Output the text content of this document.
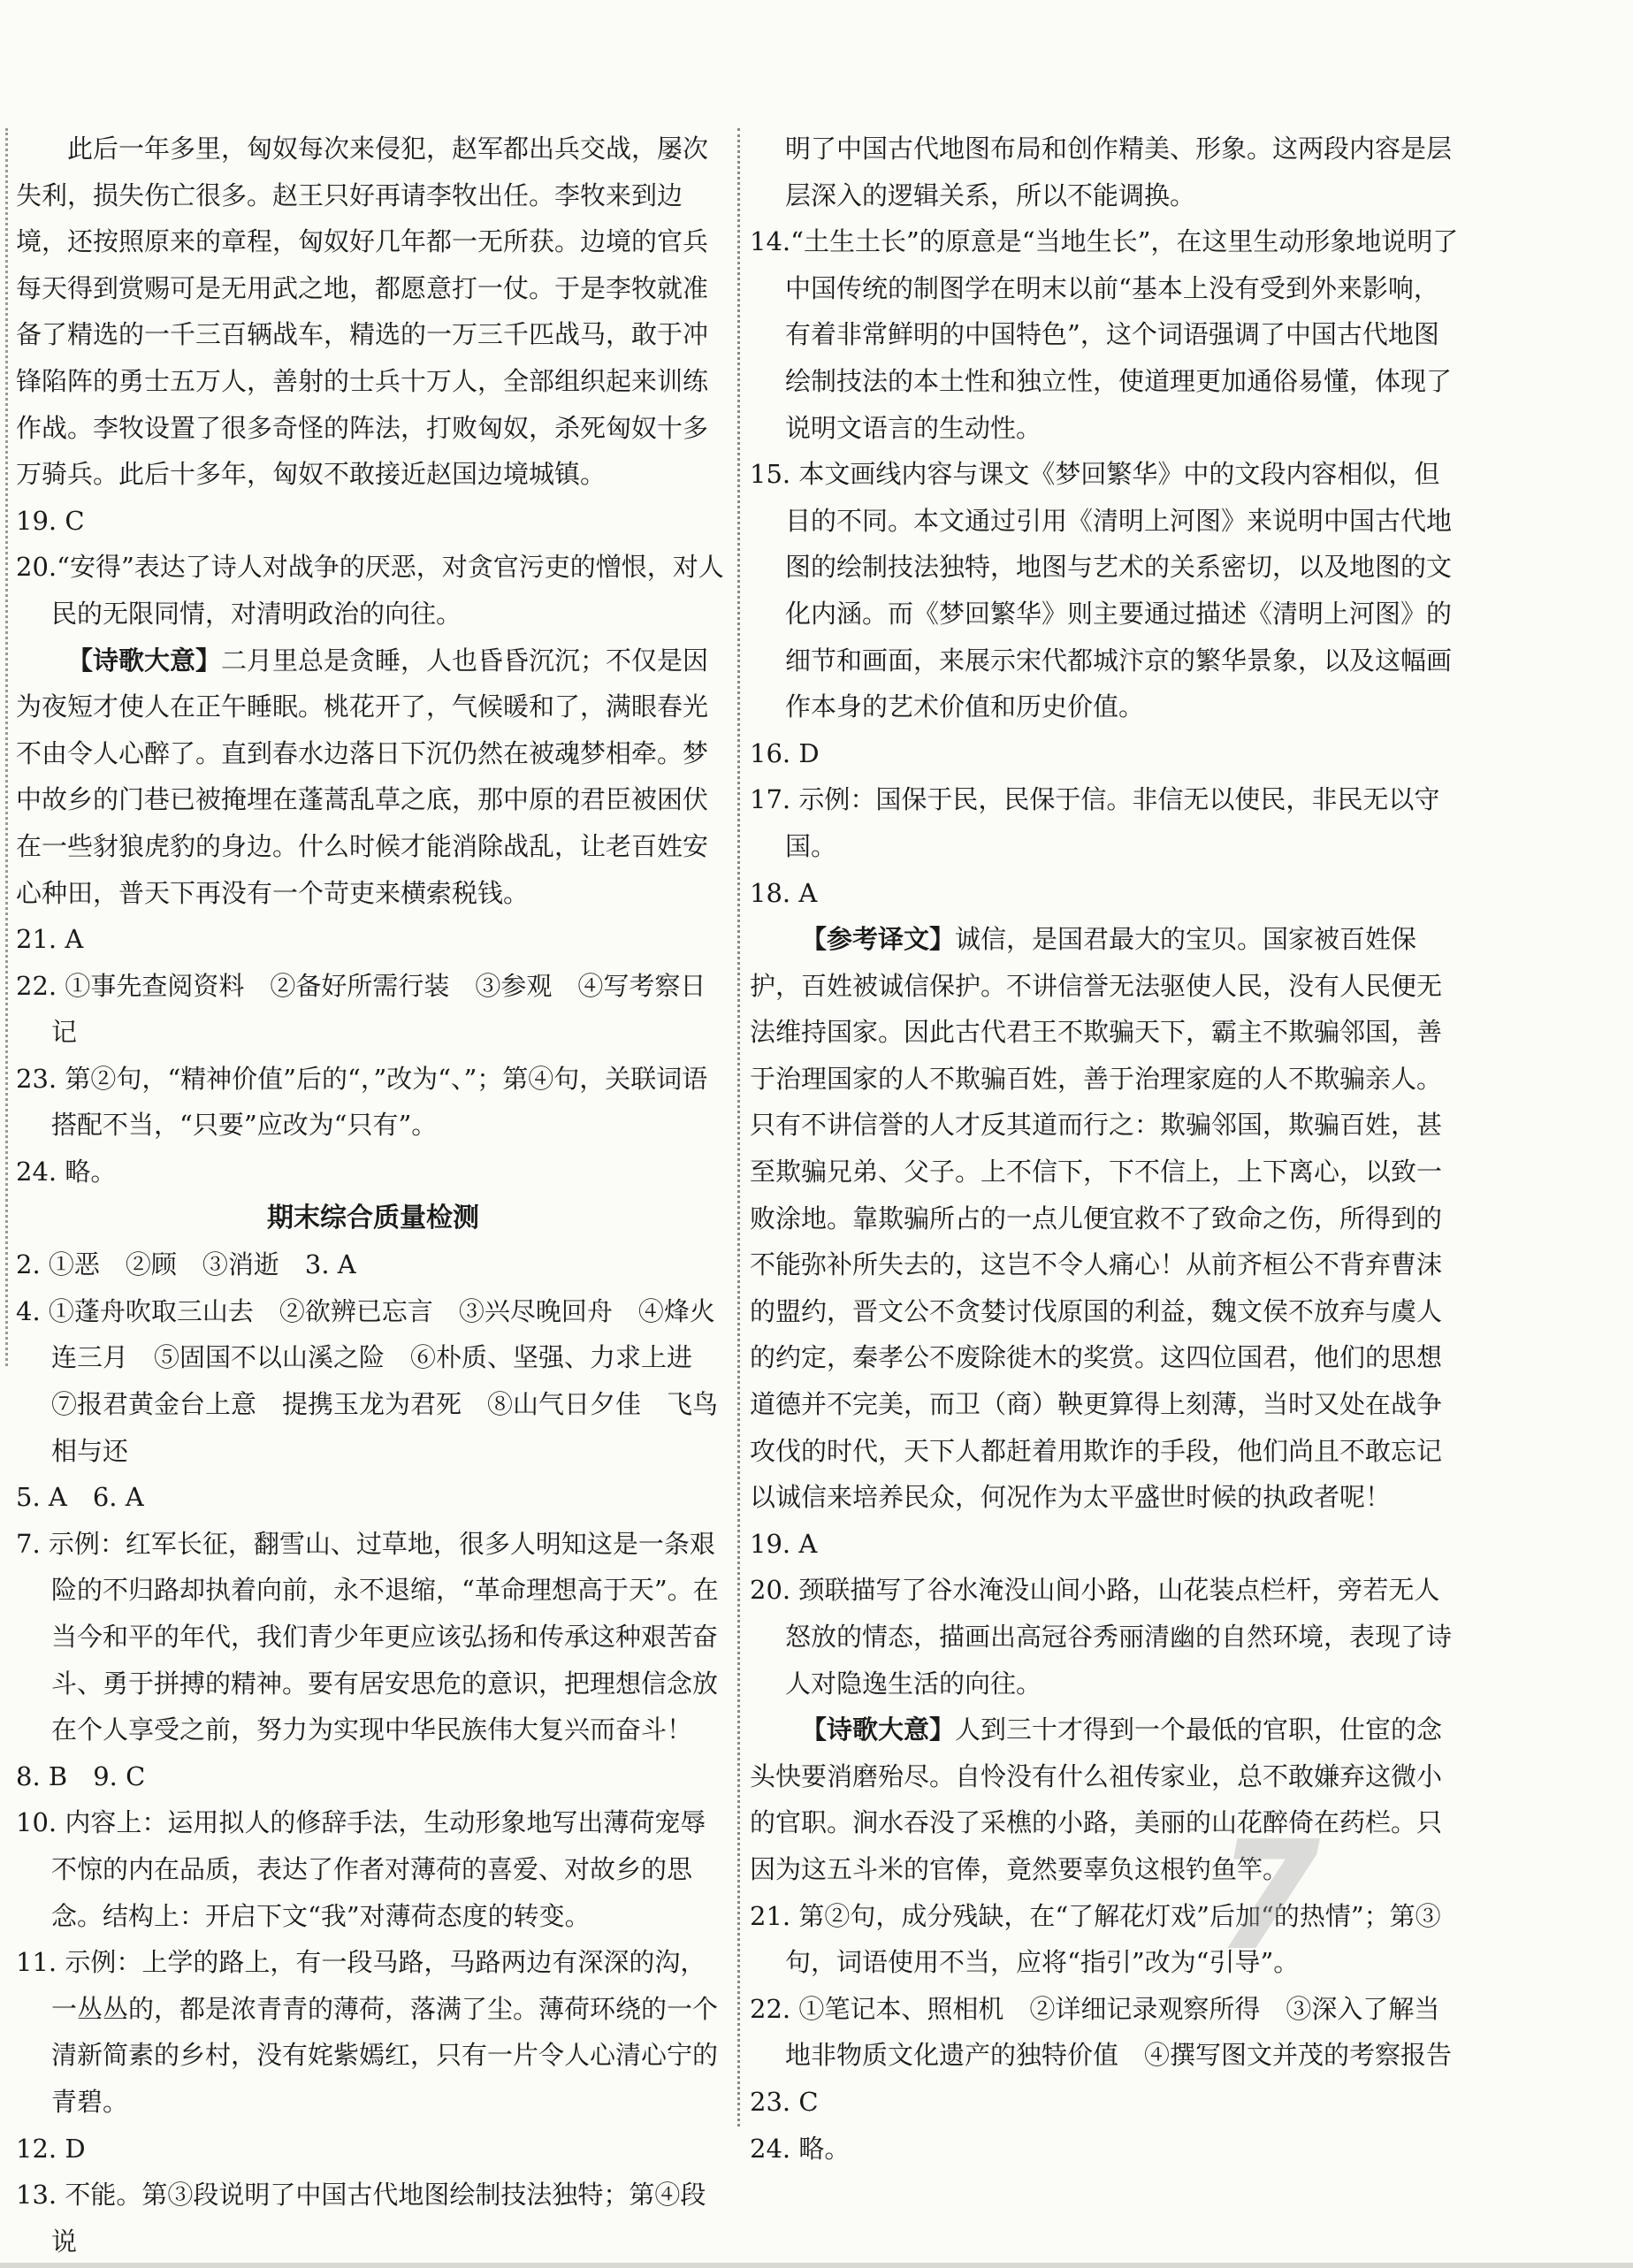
此后一年多里，匈奴每次来侵犯，赵军都出兵交战，屡次失利，损失伤亡很多。赵王只好再请李牧出任。李牧来到边境，还按照原来的章程，匈奴好几年都一无所获。边境的官兵每天得到赏赐可是无用武之地，都愿意打一仗。于是李牧就准备了精选的一千三百辆战车，精选的一万三千匹战马，敢于冲锋陷阵的勇士五万人，善射的士兵十万人，全部组织起来训练作战。李牧设置了很多奇怪的阵法，打败匈奴，杀死匈奴十多万骑兵。此后十多年，匈奴不敢接近赵国边境城镇。

19. C

20.“安得”表达了诗人对战争的厌恶，对贪官污吏的憎恨，对人民的无限同情，对清明政治的向往。

【诗歌大意】二月里总是贪睡，人也昏昏沉沉；不仅是因为夜短才使人在正午睡眠。桃花开了，气候暖和了，满眼春光不由令人心醉了。直到春水边落日下沉仍然在被魂梦相牵。梦中故乡的门巷已被掩埋在蓬蒿乱草之底，那中原的君臣被困伏在一些豺狼虎豹的身边。什么时候才能消除战乱，让老百姓安心种田，普天下再没有一个苛吏来横索税钱。

21. A

22. ①事先查阅资料　②备好所需行装　③参观　④写考察日记

23. 第②句，“精神价值”后的“，”改为“、”；第④句，关联词语搭配不当，“只要”应改为“只有”。

24. 略。

期末综合质量检测

2. ①恶　②顾　③消逝　3. A

4. ①蓬舟吹取三山去　②欲辨已忘言　③兴尽晚回舟　④烽火连三月　⑤固国不以山溪之险　⑥朴质、坚强、力求上进　⑦报君黄金台上意　提携玉龙为君死　⑧山气日夕佳　飞鸟相与还

5. A　6. A

7. 示例：红军长征，翻雪山、过草地，很多人明知这是一条艰险的不归路却执着向前，永不退缩，“革命理想高于天”。在当今和平的年代，我们青少年更应该弘扬和传承这种艰苦奋斗、勇于拼搏的精神。要有居安思危的意识，把理想信念放在个人享受之前，努力为实现中华民族伟大复兴而奋斗！

8. B　9. C

10. 内容上：运用拟人的修辞手法，生动形象地写出薄荷宠辱不惊的内在品质，表达了作者对薄荷的喜爱、对故乡的思念。结构上：开启下文“我”对薄荷态度的转变。

11. 示例：上学的路上，有一段马路，马路两边有深深的沟，一丛丛的，都是浓青青的薄荷，落满了尘。薄荷环绕的一个清新简素的乡村，没有姹紫嫣红，只有一片令人心清心宁的青碧。

12. D

13. 不能。第③段说明了中国古代地图绘制技法独特；第④段说

明了中国古代地图布局和创作精美、形象。这两段内容是层层深入的逻辑关系，所以不能调换。

14.“土生土长”的原意是“当地生长”，在这里生动形象地说明了中国传统的制图学在明末以前“基本上没有受到外来影响，有着非常鲜明的中国特色”，这个词语强调了中国古代地图绘制技法的本土性和独立性，使道理更加通俗易懂，体现了说明文语言的生动性。

15. 本文画线内容与课文《梦回繁华》中的文段内容相似，但目的不同。本文通过引用《清明上河图》来说明中国古代地图的绘制技法独特，地图与艺术的关系密切，以及地图的文化内涵。而《梦回繁华》则主要通过描述《清明上河图》的细节和画面，来展示宋代都城汴京的繁华景象，以及这幅画作本身的艺术价值和历史价值。

16. D

17. 示例：国保于民，民保于信。非信无以使民，非民无以守国。

18. A

【参考译文】诚信，是国君最大的宝贝。国家被百姓保护，百姓被诚信保护。不讲信誉无法驱使人民，没有人民便无法维持国家。因此古代君王不欺骗天下，霸主不欺骗邻国，善于治理国家的人不欺骗百姓，善于治理家庭的人不欺骗亲人。只有不讲信誉的人才反其道而行之：欺骗邻国，欺骗百姓，甚至欺骗兄弟、父子。上不信下，下不信上，上下离心，以致一败涂地。靠欺骗所占的一点儿便宜救不了致命之伤，所得到的不能弥补所失去的，这岂不令人痛心！从前齐桓公不背弃曹沫的盟约，晋文公不贪婪讨伐原国的利益，魏文侯不放弃与虞人的约定，秦孝公不废除徙木的奖赏。这四位国君，他们的思想道德并不完美，而卫（商）鞅更算得上刻薄，当时又处在战争攻伐的时代，天下人都赶着用欺诈的手段，他们尚且不敢忘记以诚信来培养民众，何况作为太平盛世时候的执政者呢！

19. A

20. 颈联描写了谷水淹没山间小路，山花装点栏杆，旁若无人怒放的情态，描画出高冠谷秀丽清幽的自然环境，表现了诗人对隐逸生活的向往。

【诗歌大意】人到三十才得到一个最低的官职，仕宦的念头快要消磨殆尽。自怜没有什么祖传家业，总不敢嫌弃这微小的官职。涧水吞没了采樵的小路，美丽的山花醉倚在药栏。只因为这五斗米的官俸，竟然要辜负这根钓鱼竿。

21. 第②句，成分残缺，在“了解花灯戏”后加“的热情”；第③句，词语使用不当，应将“指引”改为“引导”。

22. ①笔记本、照相机　②详细记录观察所得　③深入了解当地非物质文化遗产的独特价值　④撰写图文并茂的考察报告

23. C

24. 略。

7
